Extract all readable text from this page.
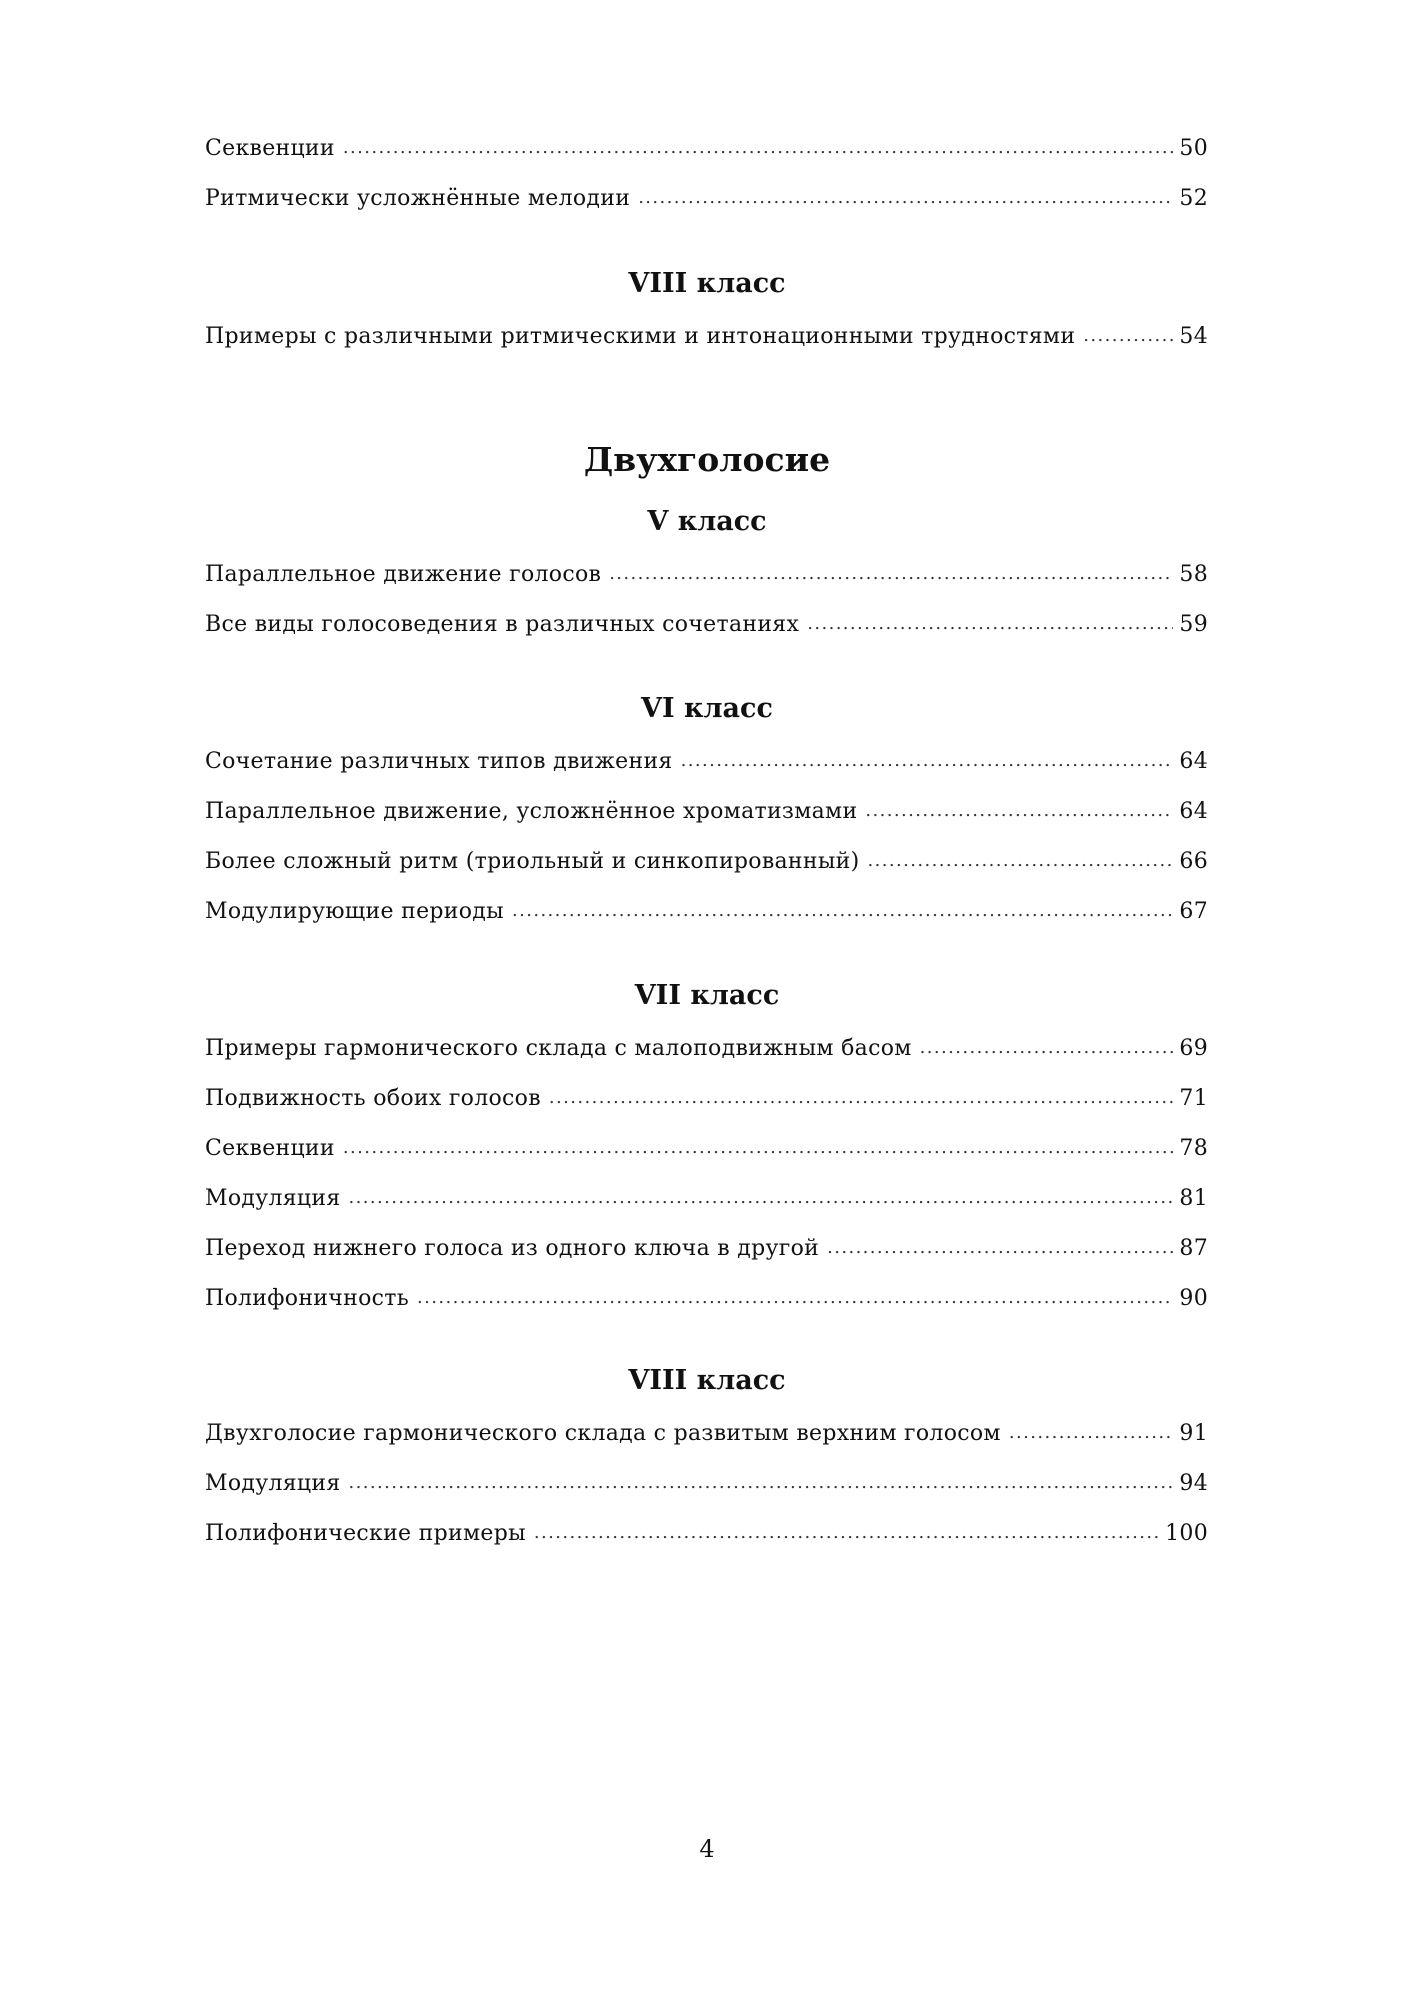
Секвенции .....	50
Ритмически усложнённые мелодии .....	52
VIII класс
Примеры с различными ритмическими и интонационными трудностями .....	54
Двухголосие
V класс
Параллельное движение голосов .....	58
Все виды голосоведения в различных сочетаниях .....	59
VI класс
Сочетание различных типов движения .....	64
Параллельное движение, усложнённое хроматизмами .....	64
Более сложный ритм (триольный и синкопированный) .....	66
Модулирующие периоды .....	67
VII класс
Примеры гармонического склада с малоподвижным басом .....	69
Подвижность обоих голосов .....	71
Секвенции .....	78
Модуляция .....	81
Переход нижнего голоса из одного ключа в другой .....	87
Полифоничность .....	90
VIII класс
Двухголосие гармонического склада с развитым верхним голосом .....	91
Модуляция .....	94
Полифонические примеры .....	100
4
